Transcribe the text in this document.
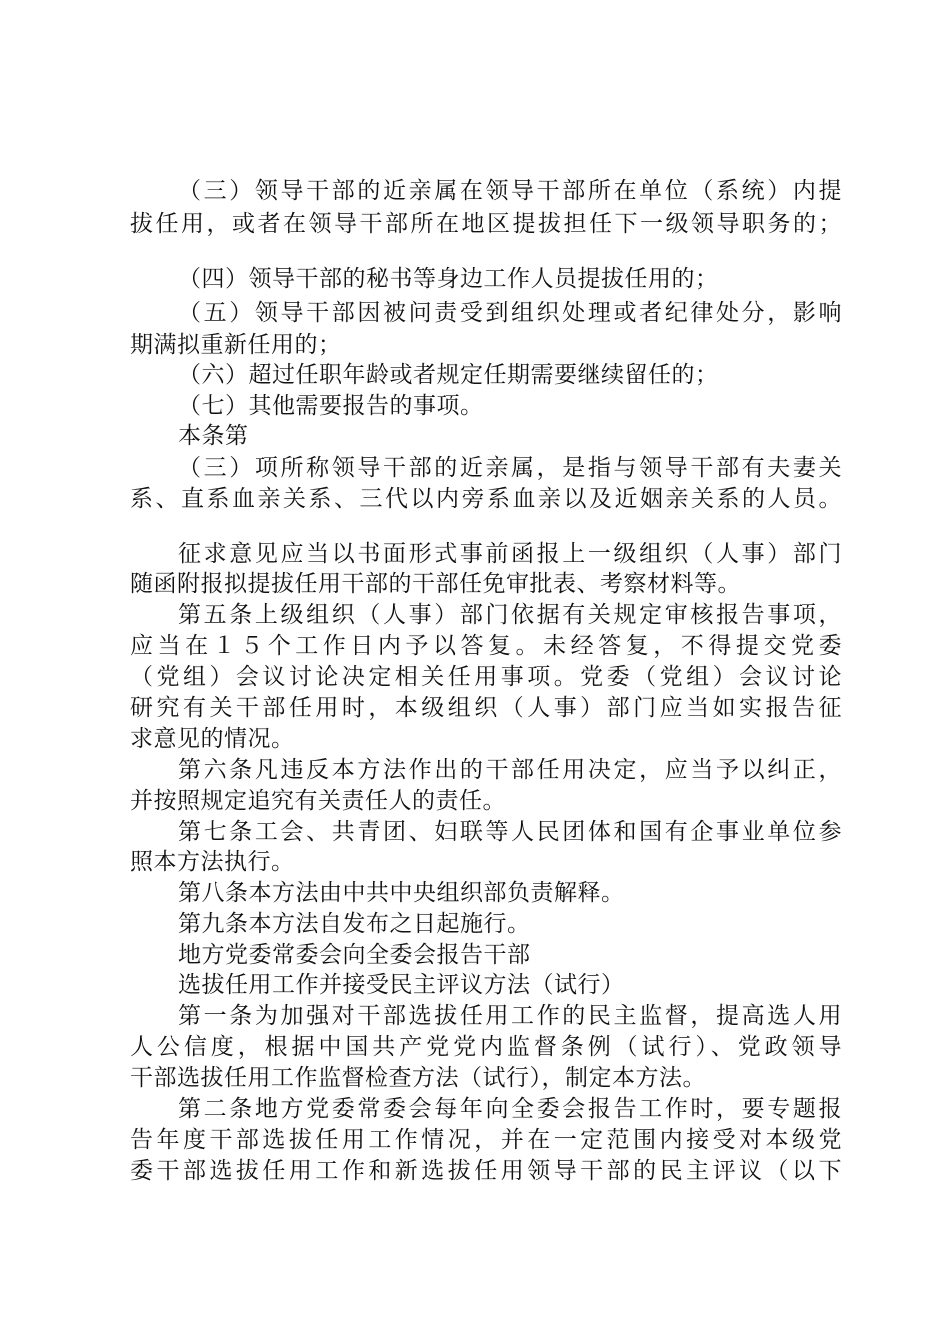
（三）领导干部的近亲属在领导干部所在单位（系统）内提
拔任用，或者在领导干部所在地区提拔担任下一级领导职务的；
（四）领导干部的秘书等身边工作人员提拔任用的；
（五）领导干部因被问责受到组织处理或者纪律处分，影响
期满拟重新任用的；
（六）超过任职年龄或者规定任期需要继续留任的；
（七）其他需要报告的事项。
本条第
（三）项所称领导干部的近亲属，是指与领导干部有夫妻关
系、直系血亲关系、三代以内旁系血亲以及近姻亲关系的人员。
征求意见应当以书面形式事前函报上一级组织（人事）部门
随函附报拟提拔任用干部的干部任免审批表、考察材料等。
第五条上级组织（人事）部门依据有关规定审核报告事项，
应当在１５个工作日内予以答复。未经答复，不得提交党委
（党组）会议讨论决定相关任用事项。党委（党组）会议讨论
研究有关干部任用时，本级组织（人事）部门应当如实报告征
求意见的情况。
第六条凡违反本方法作出的干部任用决定，应当予以纠正，
并按照规定追究有关责任人的责任。
第七条工会、共青团、妇联等人民团体和国有企事业单位参
照本方法执行。
第八条本方法由中共中央组织部负责解释。
第九条本方法自发布之日起施行。
地方党委常委会向全委会报告干部
选拔任用工作并接受民主评议方法（试行）
第一条为加强对干部选拔任用工作的民主监督，提高选人用
人公信度，根据中国共产党党内监督条例（试行）、党政领导
干部选拔任用工作监督检查方法（试行），制定本方法。
第二条地方党委常委会每年向全委会报告工作时，要专题报
告年度干部选拔任用工作情况，并在一定范围内接受对本级党
委干部选拔任用工作和新选拔任用领导干部的民主评议（以下
